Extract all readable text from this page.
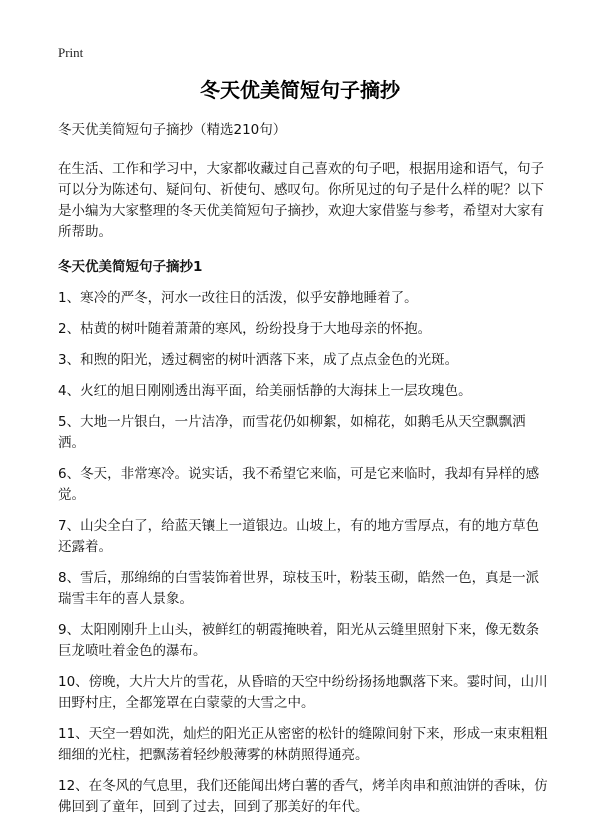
Print
冬天优美简短句子摘抄

冬天优美简短句子摘抄（精选210句）

在生活、工作和学习中，大家都收藏过自己喜欢的句子吧，根据用途和语气，句子可以分为陈述句、疑问句、祈使句、感叹句。你所见过的句子是什么样的呢？以下是小编为大家整理的冬天优美简短句子摘抄，欢迎大家借鉴与参考，希望对大家有所帮助。

冬天优美简短句子摘抄1

1、寒冷的严冬，河水一改往日的活泼，似乎安静地睡着了。
2、枯黄的树叶随着萧萧的寒风，纷纷投身于大地母亲的怀抱。
3、和煦的阳光，透过稠密的树叶洒落下来，成了点点金色的光斑。
4、火红的旭日刚刚透出海平面，给美丽恬静的大海抹上一层玫瑰色。
5、大地一片银白，一片洁净，而雪花仍如柳絮，如棉花，如鹅毛从天空飘飘洒洒。
6、冬天，非常寒冷。说实话，我不希望它来临，可是它来临时，我却有异样的感觉。
7、山尖全白了，给蓝天镶上一道银边。山坡上，有的地方雪厚点，有的地方草色还露着。
8、雪后，那绵绵的白雪装饰着世界，琼枝玉叶，粉装玉砌，皓然一色，真是一派瑞雪丰年的喜人景象。
9、太阳刚刚升上山头，被鲜红的朝霞掩映着，阳光从云缝里照射下来，像无数条巨龙喷吐着金色的瀑布。
10、傍晚，大片大片的雪花，从昏暗的天空中纷纷扬扬地飘落下来。霎时间，山川田野村庄，全都笼罩在白蒙蒙的大雪之中。
11、天空一碧如洗，灿烂的阳光正从密密的松针的缝隙间射下来，形成一束束粗粗细细的光柱，把飘荡着轻纱般薄雾的林荫照得通亮。
12、在冬风的气息里，我们还能闻出烤白薯的香气，烤羊肉串和煎油饼的香味，仿佛回到了童年，回到了过去，回到了那美好的年代。
